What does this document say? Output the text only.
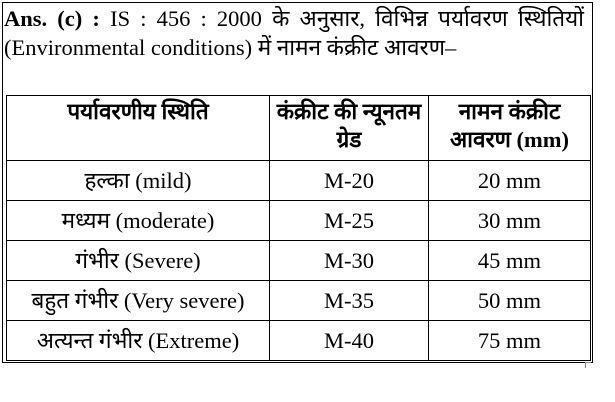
Ans. (c) : IS : 456 : 2000 के अनुसार, विभिन्न पर्यावरण स्थितियों (Environmental conditions) में नामन कंक्रीट आवरण–
पर्यावरणीय स्थिति	कंक्रीट की न्यूनतम ग्रेड	नामन कंक्रीट आवरण (mm)
हल्का (mild)	M-20	20 mm
मध्यम (moderate)	M-25	30 mm
गंभीर (Severe)	M-30	45 mm
बहुत गंभीर (Very severe)	M-35	50 mm
अत्यन्त गंभीर (Extreme)	M-40	75 mm
